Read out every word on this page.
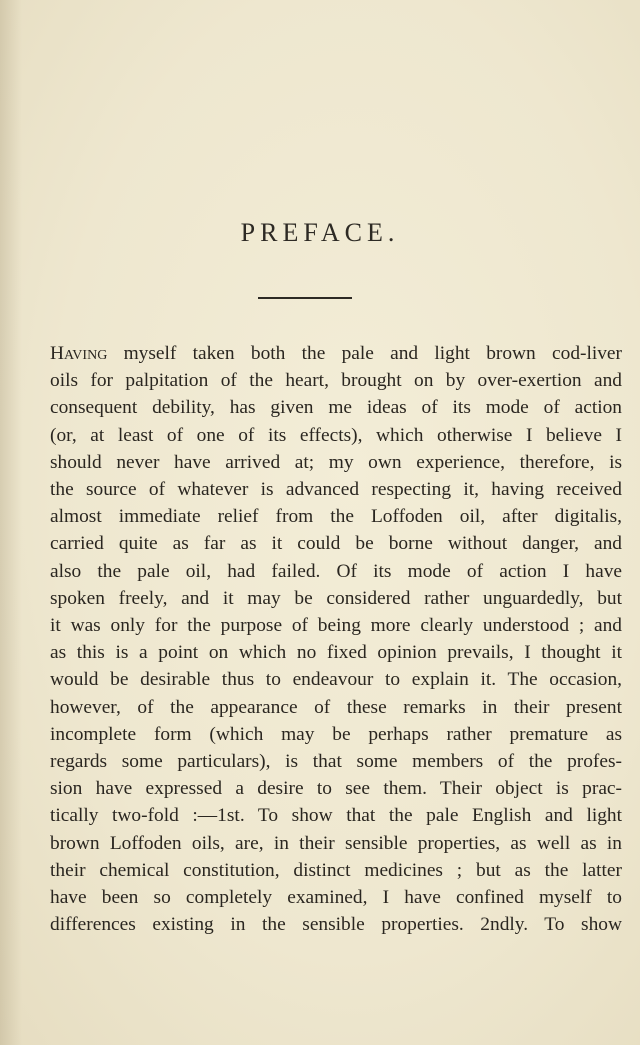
PREFACE.
Having myself taken both the pale and light brown cod-liver
oils for palpitation of the heart, brought on by over-exertion and
consequent debility, has given me ideas of its mode of action
(or, at least of one of its effects), which otherwise I believe I
should never have arrived at; my own experience, therefore, is
the source of whatever is advanced respecting it, having received
almost immediate relief from the Loffoden oil, after digitalis,
carried quite as far as it could be borne without danger, and
also the pale oil, had failed. Of its mode of action I have
spoken freely, and it may be considered rather unguardedly, but
it was only for the purpose of being more clearly understood ; and
as this is a point on which no fixed opinion prevails, I thought it
would be desirable thus to endeavour to explain it. The occasion,
however, of the appearance of these remarks in their present
incomplete form (which may be perhaps rather premature as
regards some particulars), is that some members of the profes-
sion have expressed a desire to see them. Their object is prac-
tically two-fold :—1st. To show that the pale English and light
brown Loffoden oils, are, in their sensible properties, as well as in
their chemical constitution, distinct medicines ; but as the latter
have been so completely examined, I have confined myself to
differences existing in the sensible properties. 2ndly. To show
